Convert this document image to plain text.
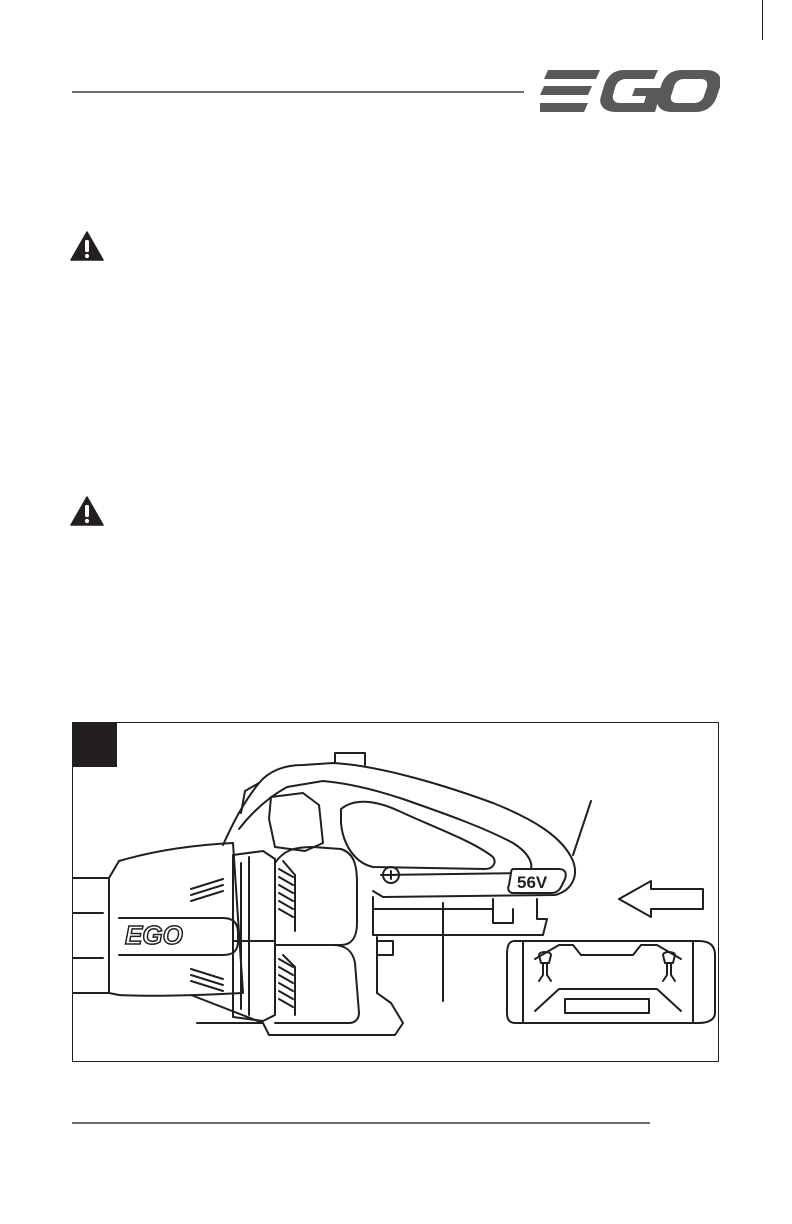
EGO
56V
